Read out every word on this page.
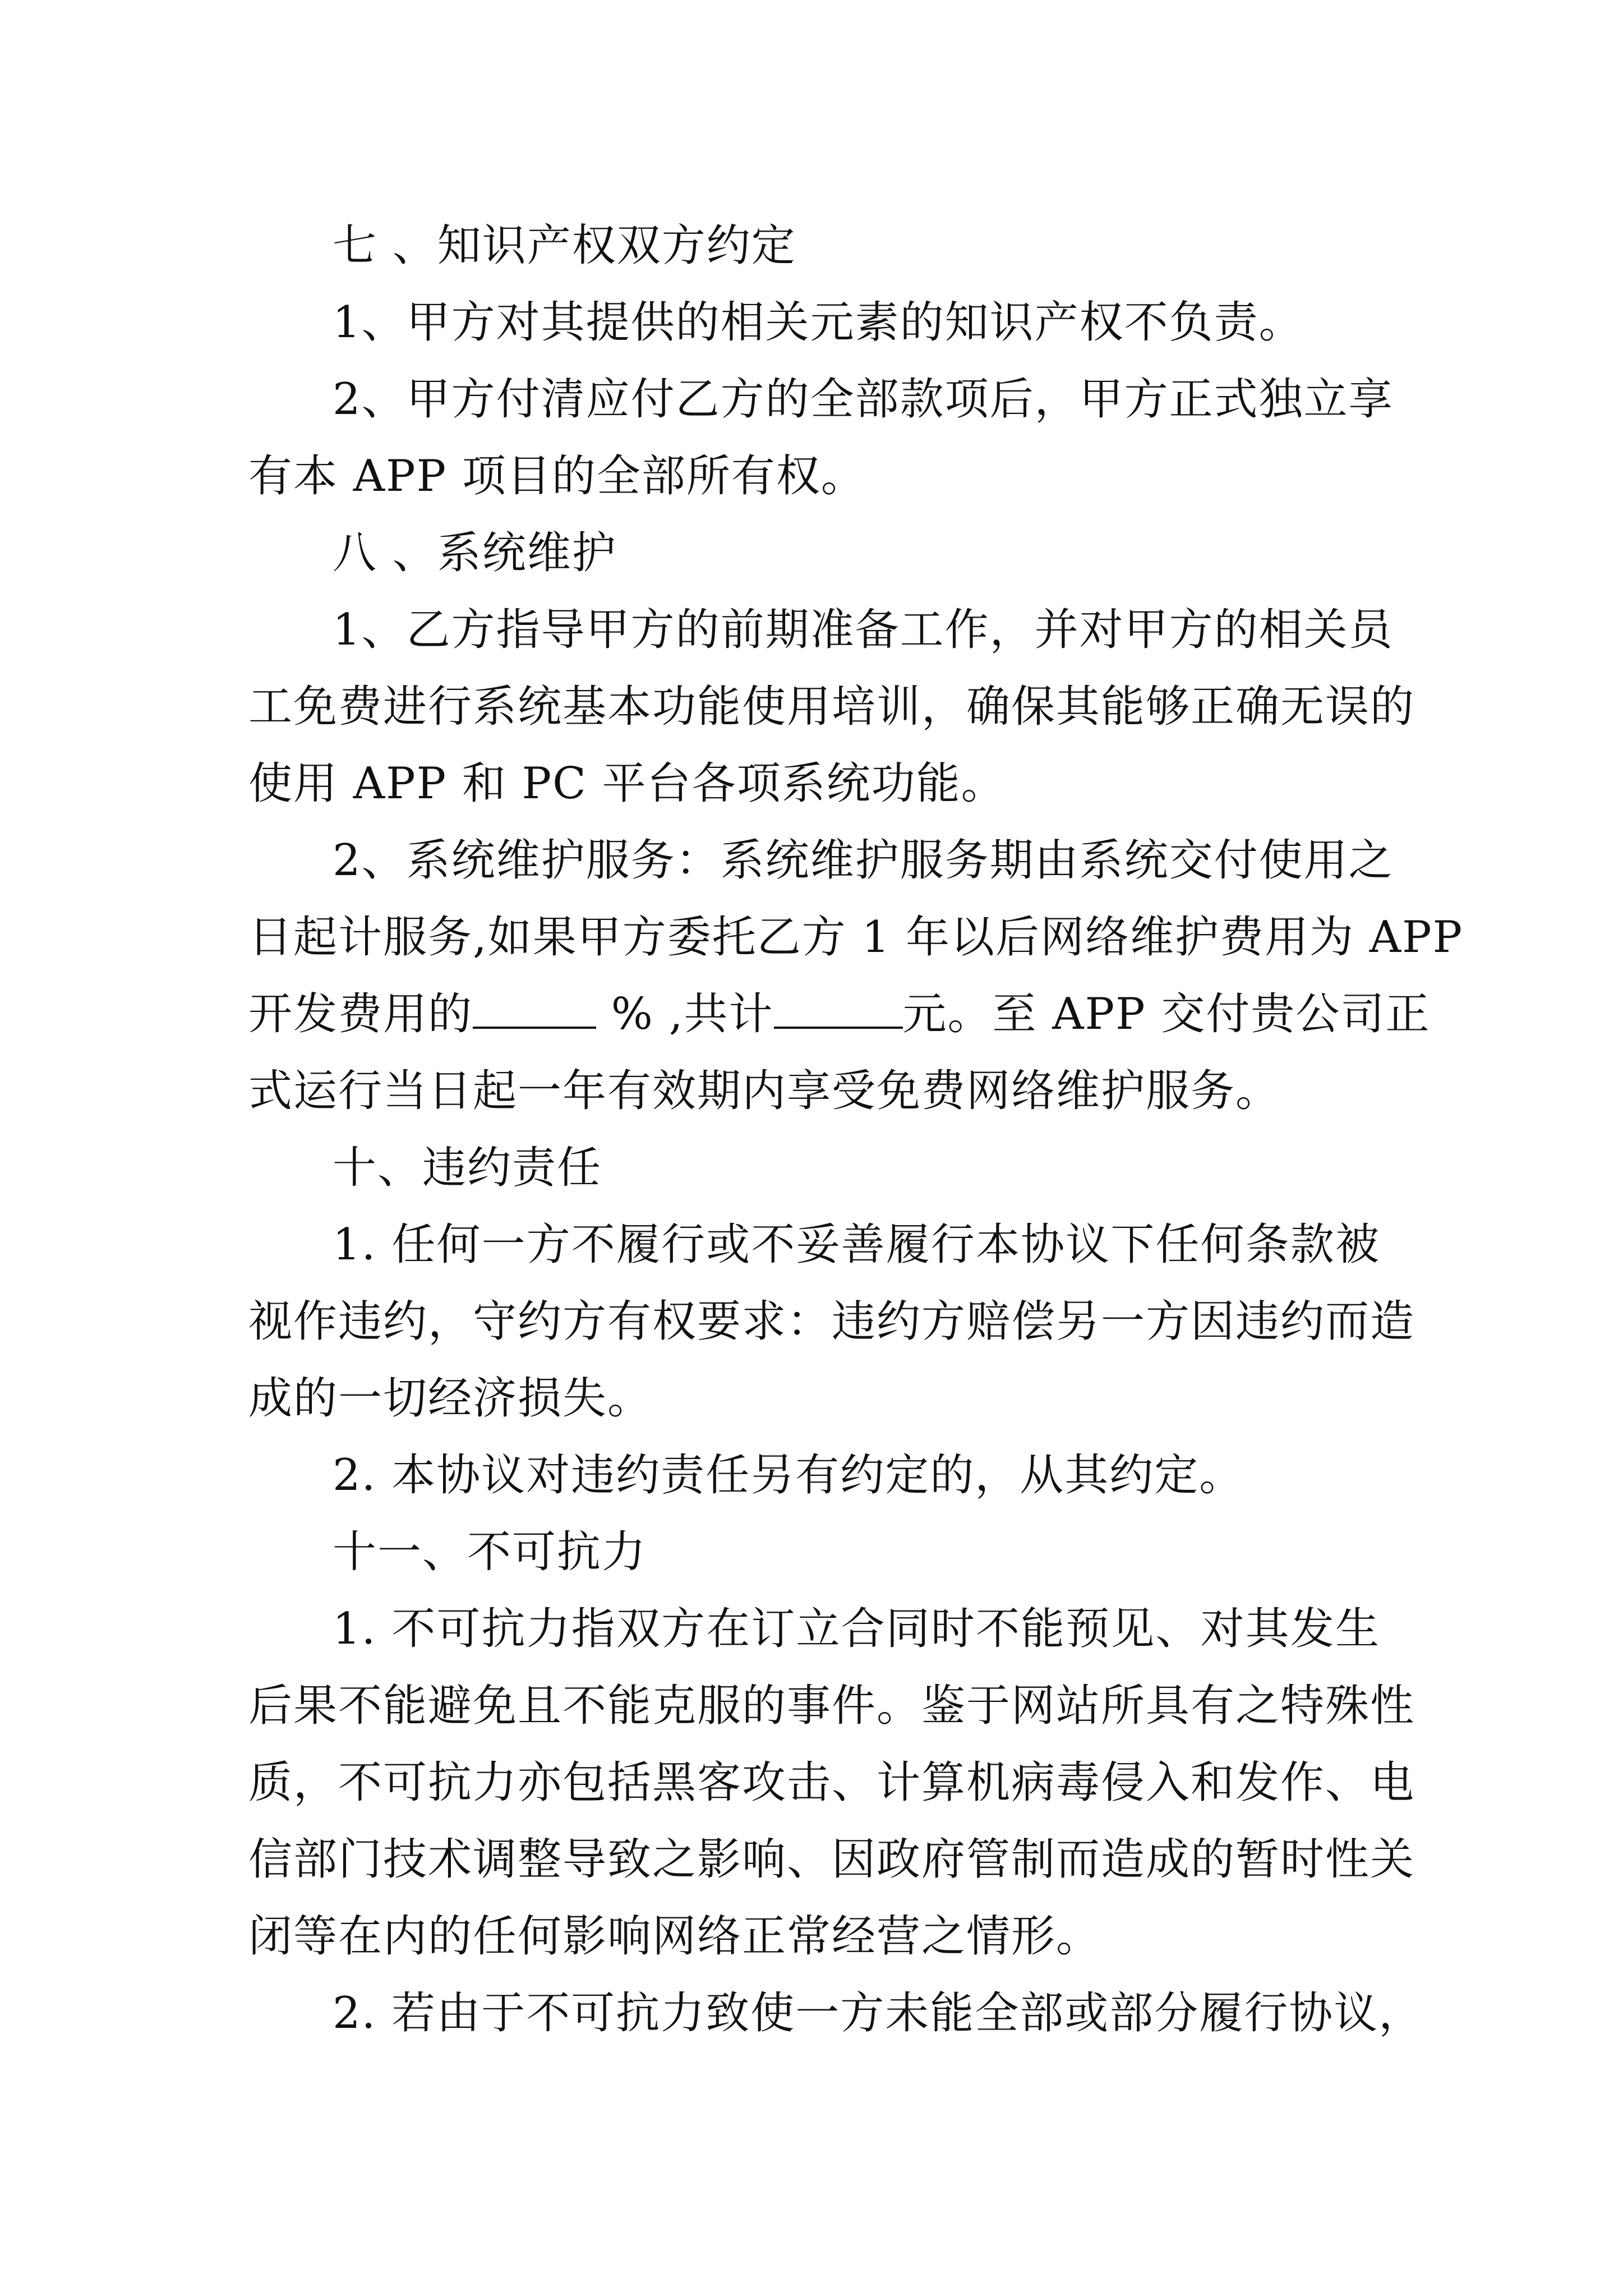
七 、知识产权双方约定
1、甲方对其提供的相关元素的知识产权不负责。
2、甲方付清应付乙方的全部款项后，甲方正式独立享
有本 APP 项目的全部所有权。
八 、系统维护
1、乙方指导甲方的前期准备工作，并对甲方的相关员
工免费进行系统基本功能使用培训，确保其能够正确无误的
使用 APP 和 PC 平台各项系统功能。
2、系统维护服务：系统维护服务期由系统交付使用之
日起计服务,如果甲方委托乙方 1 年以后网络维护费用为 APP
开发费用的	% ,共计	元。至 APP 交付贵公司正
式运行当日起一年有效期内享受免费网络维护服务。
十、违约责任
1. 任何一方不履行或不妥善履行本协议下任何条款被
视作违约，守约方有权要求：违约方赔偿另一方因违约而造
成的一切经济损失。
2. 本协议对违约责任另有约定的，从其约定。
十一、不可抗力
1. 不可抗力指双方在订立合同时不能预见、对其发生
后果不能避免且不能克服的事件。鉴于网站所具有之特殊性
质，不可抗力亦包括黑客攻击、计算机病毒侵入和发作、电
信部门技术调整导致之影响、因政府管制而造成的暂时性关
闭等在内的任何影响网络正常经营之情形。
2. 若由于不可抗力致使一方未能全部或部分履行协议，
